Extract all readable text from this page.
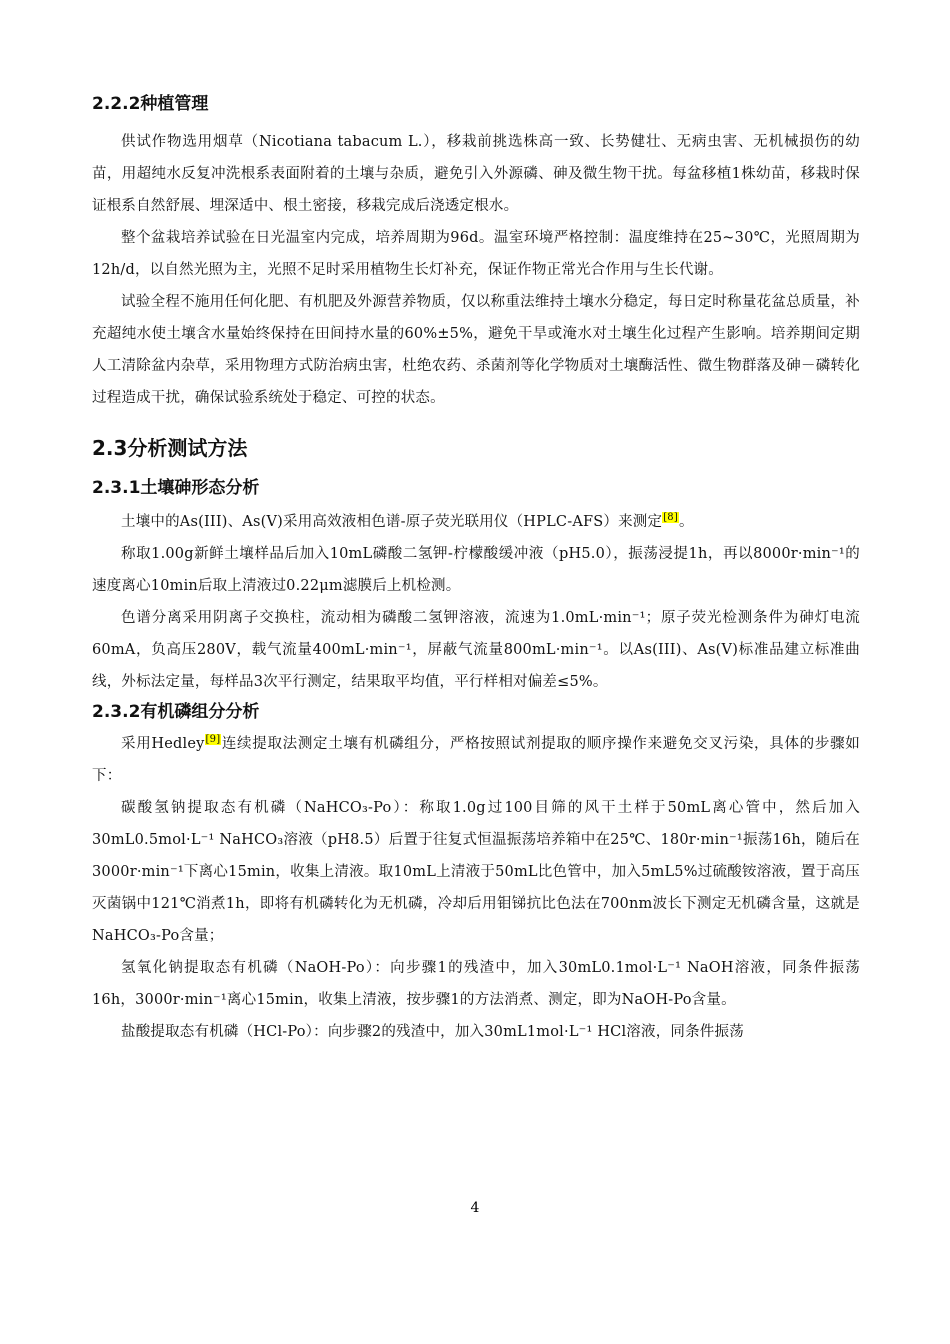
2.2.2种植管理

供试作物选用烟草（Nicotiana tabacum L.），移栽前挑选株高一致、长势健壮、无病虫害、无机械损伤的幼苗，用超纯水反复冲洗根系表面附着的土壤与杂质，避免引入外源磷、砷及微生物干扰。每盆移植1株幼苗，移栽时保证根系自然舒展、埋深适中、根土密接，移栽完成后浇透定根水。

整个盆栽培养试验在日光温室内完成，培养周期为96d。温室环境严格控制：温度维持在25~30℃，光照周期为12h/d，以自然光照为主，光照不足时采用植物生长灯补充，保证作物正常光合作用与生长代谢。

试验全程不施用任何化肥、有机肥及外源营养物质，仅以称重法维持土壤水分稳定，每日定时称量花盆总质量，补充超纯水使土壤含水量始终保持在田间持水量的60%±5%，避免干旱或淹水对土壤生化过程产生影响。培养期间定期人工清除盆内杂草，采用物理方式防治病虫害，杜绝农药、杀菌剂等化学物质对土壤酶活性、微生物群落及砷－磷转化过程造成干扰，确保试验系统处于稳定、可控的状态。

2.3分析测试方法
2.3.1土壤砷形态分析

土壤中的As(III)、As(V)采用高效液相色谱-原子荧光联用仪（HPLC-AFS）来测定[8]。

称取1.00g新鲜土壤样品后加入10mL磷酸二氢钾-柠檬酸缓冲液（pH5.0），振荡浸提1h，再以8000r·min⁻¹的速度离心10min后取上清液过0.22μm滤膜后上机检测。

色谱分离采用阴离子交换柱，流动相为磷酸二氢钾溶液，流速为1.0mL·min⁻¹；原子荧光检测条件为砷灯电流60mA，负高压280V，载气流量400mL·min⁻¹，屏蔽气流量800mL·min⁻¹。以As(III)、As(V)标准品建立标准曲线，外标法定量，每样品3次平行测定，结果取平均值，平行样相对偏差≤5%。

2.3.2有机磷组分分析

采用Hedley[9]连续提取法测定土壤有机磷组分，严格按照试剂提取的顺序操作来避免交叉污染，具体的步骤如下：

碳酸氢钠提取态有机磷（NaHCO₃-Po）：称取1.0g过100目筛的风干土样于50mL离心管中，然后加入30mL0.5mol·L⁻¹ NaHCO₃溶液（pH8.5）后置于往复式恒温振荡培养箱中在25℃、180r·min⁻¹振荡16h，随后在3000r·min⁻¹下离心15min，收集上清液。取10mL上清液于50mL比色管中，加入5mL5%过硫酸铵溶液，置于高压灭菌锅中121℃消煮1h，即将有机磷转化为无机磷，冷却后用钼锑抗比色法在700nm波长下测定无机磷含量，这就是NaHCO₃-Po含量；

氢氧化钠提取态有机磷（NaOH-Po）：向步骤1的残渣中，加入30mL0.1mol·L⁻¹ NaOH溶液，同条件振荡16h，3000r·min⁻¹离心15min，收集上清液，按步骤1的方法消煮、测定，即为NaOH-Po含量。

盐酸提取态有机磷（HCl-Po）：向步骤2的残渣中，加入30mL1mol·L⁻¹ HCl溶液，同条件振荡

4
